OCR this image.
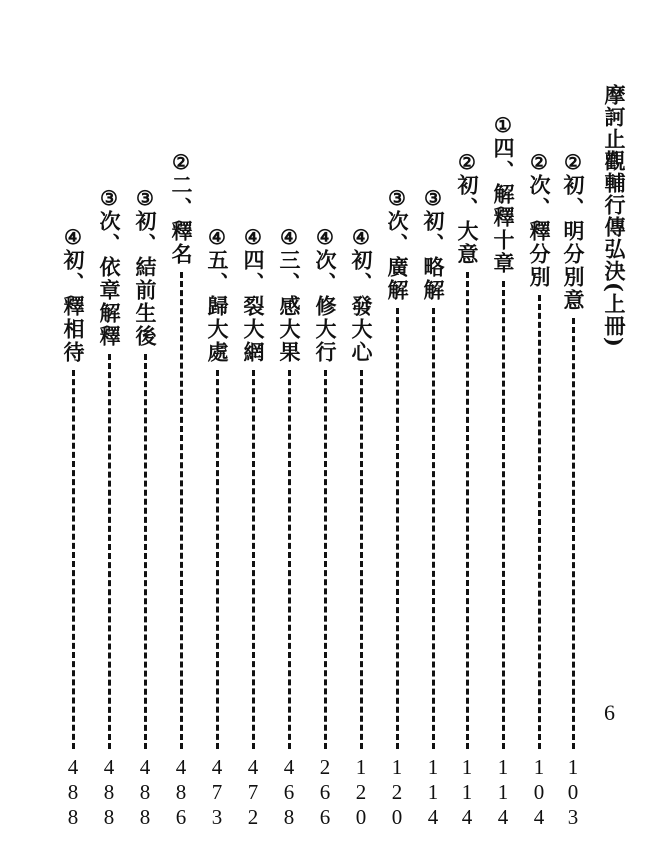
摩訶止觀輔行傳弘決(上冊)
6
②
初、明分別意
103
②
次、釋分別
104
①
四、解釋十章
114
②
初、大意
114
③
初、略解
114
③
次、廣解
120
④
初、發大心
120
④
次、修大行
266
④
三、感大果
468
④
四、裂大網
472
④
五、歸大處
473
②
二、釋名
486
③
初、結前生後
488
③
次、依章解釋
488
④
初、釋相待
488
